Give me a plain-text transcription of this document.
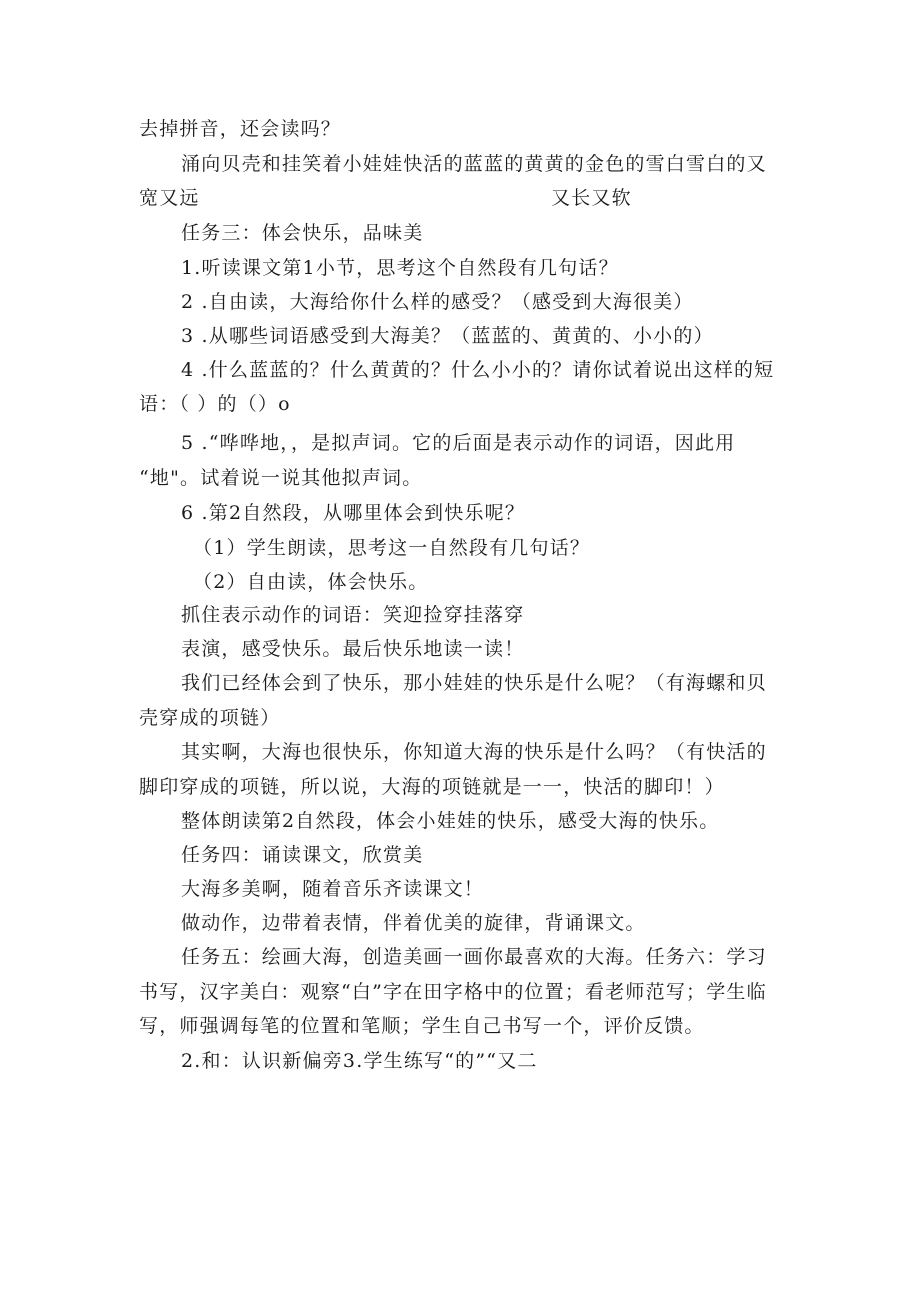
去掉拼音，还会读吗？
涌向贝壳和挂笑着小娃娃快活的蓝蓝的黄黄的金色的雪白雪白的又
宽又远	又长又软
任务三：体会快乐，品味美
1.听读课文第1小节，思考这个自然段有几句话？
2 .自由读，大海给你什么样的感受？（感受到大海很美）
3 .从哪些词语感受到大海美？（蓝蓝的、黄黄的、小小的）
4 .什么蓝蓝的？什么黄黄的？什么小小的？请你试着说出这样的短
语：（ ）的（）o
5 .“哗哗地，，是拟声词。它的后面是表示动作的词语，因此用
“地"。试着说一说其他拟声词。
6 .第2自然段，从哪里体会到快乐呢？
（1）学生朗读，思考这一自然段有几句话？
（2）自由读，体会快乐。
抓住表示动作的词语：笑迎捡穿挂落穿
表演，感受快乐。最后快乐地读一读！
我们已经体会到了快乐，那小娃娃的快乐是什么呢？（有海螺和贝
壳穿成的项链）
其实啊，大海也很快乐，你知道大海的快乐是什么吗？（有快活的
脚印穿成的项链，所以说，大海的项链就是一一，快活的脚印！）
整体朗读第2自然段，体会小娃娃的快乐，感受大海的快乐。
任务四：诵读课文，欣赏美
大海多美啊，随着音乐齐读课文！
做动作，边带着表情，伴着优美的旋律，背诵课文。
任务五：绘画大海，创造美画一画你最喜欢的大海。任务六：学习
书写，汉字美白：观察“白”字在田字格中的位置；看老师范写；学生临
写，师强调每笔的位置和笔顺；学生自己书写一个，评价反馈。
2.和：认识新偏旁3.学生练写“的”“又二
